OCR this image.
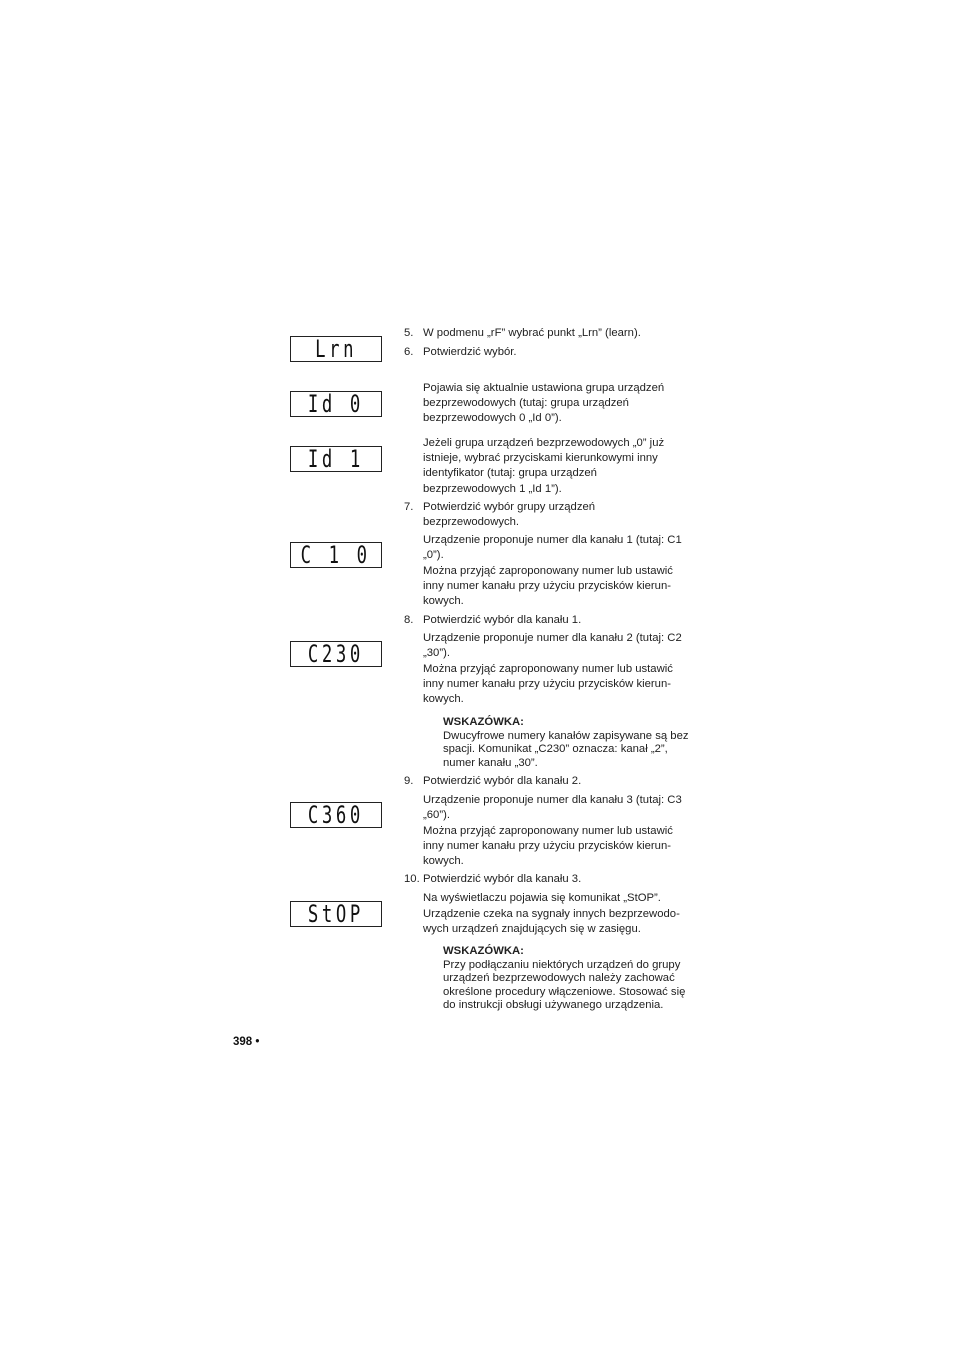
Lrn
Id 0
Id 1
C 1 0
C230
C360
StOP
5. W podmenu „rF” wybrać punkt „Lrn” (learn).
6. Potwierdzić wybór.
Pojawia się aktualnie ustawiona grupa urządzeń bezprzewodowych (tutaj: grupa urządzeń bezprzewodowych 0 „Id 0”).
Jeżeli grupa urządzeń bezprzewodowych „0” już istnieje, wybrać przyciskami kierunkowymi inny identyfikator (tutaj: grupa urządzeń bezprzewodowych 1 „Id 1”).
7. Potwierdzić wybór grupy urządzeń bezprzewodowych.
Urządzenie proponuje numer dla kanału 1 (tutaj: C1 „0”).
Można przyjąć zaproponowany numer lub ustawić inny numer kanału przy użyciu przycisków kierun-kowych.
8. Potwierdzić wybór dla kanału 1.
Urządzenie proponuje numer dla kanału 2 (tutaj: C2 „30”).
Można przyjąć zaproponowany numer lub ustawić inny numer kanału przy użyciu przycisków kierun-kowych.
WSKAZÓWKA:
Dwucyfrowe numery kanałów zapisywane są bez spacji. Komunikat „C230” oznacza: kanał „2”, numer kanału „30”.
9. Potwierdzić wybór dla kanału 2.
Urządzenie proponuje numer dla kanału 3 (tutaj: C3 „60”).
Można przyjąć zaproponowany numer lub ustawić inny numer kanału przy użyciu przycisków kierun-kowych.
10. Potwierdzić wybór dla kanału 3.
Na wyświetlaczu pojawia się komunikat „StOP”.
Urządzenie czeka na sygnały innych bezprzewodo-wych urządzeń znajdujących się w zasięgu.
WSKAZÓWKA:
Przy podłączaniu niektórych urządzeń do grupy urządzeń bezprzewodowych należy zachować określone procedury włączeniowe. Stosować się do instrukcji obsługi używanego urządzenia.
398 •
